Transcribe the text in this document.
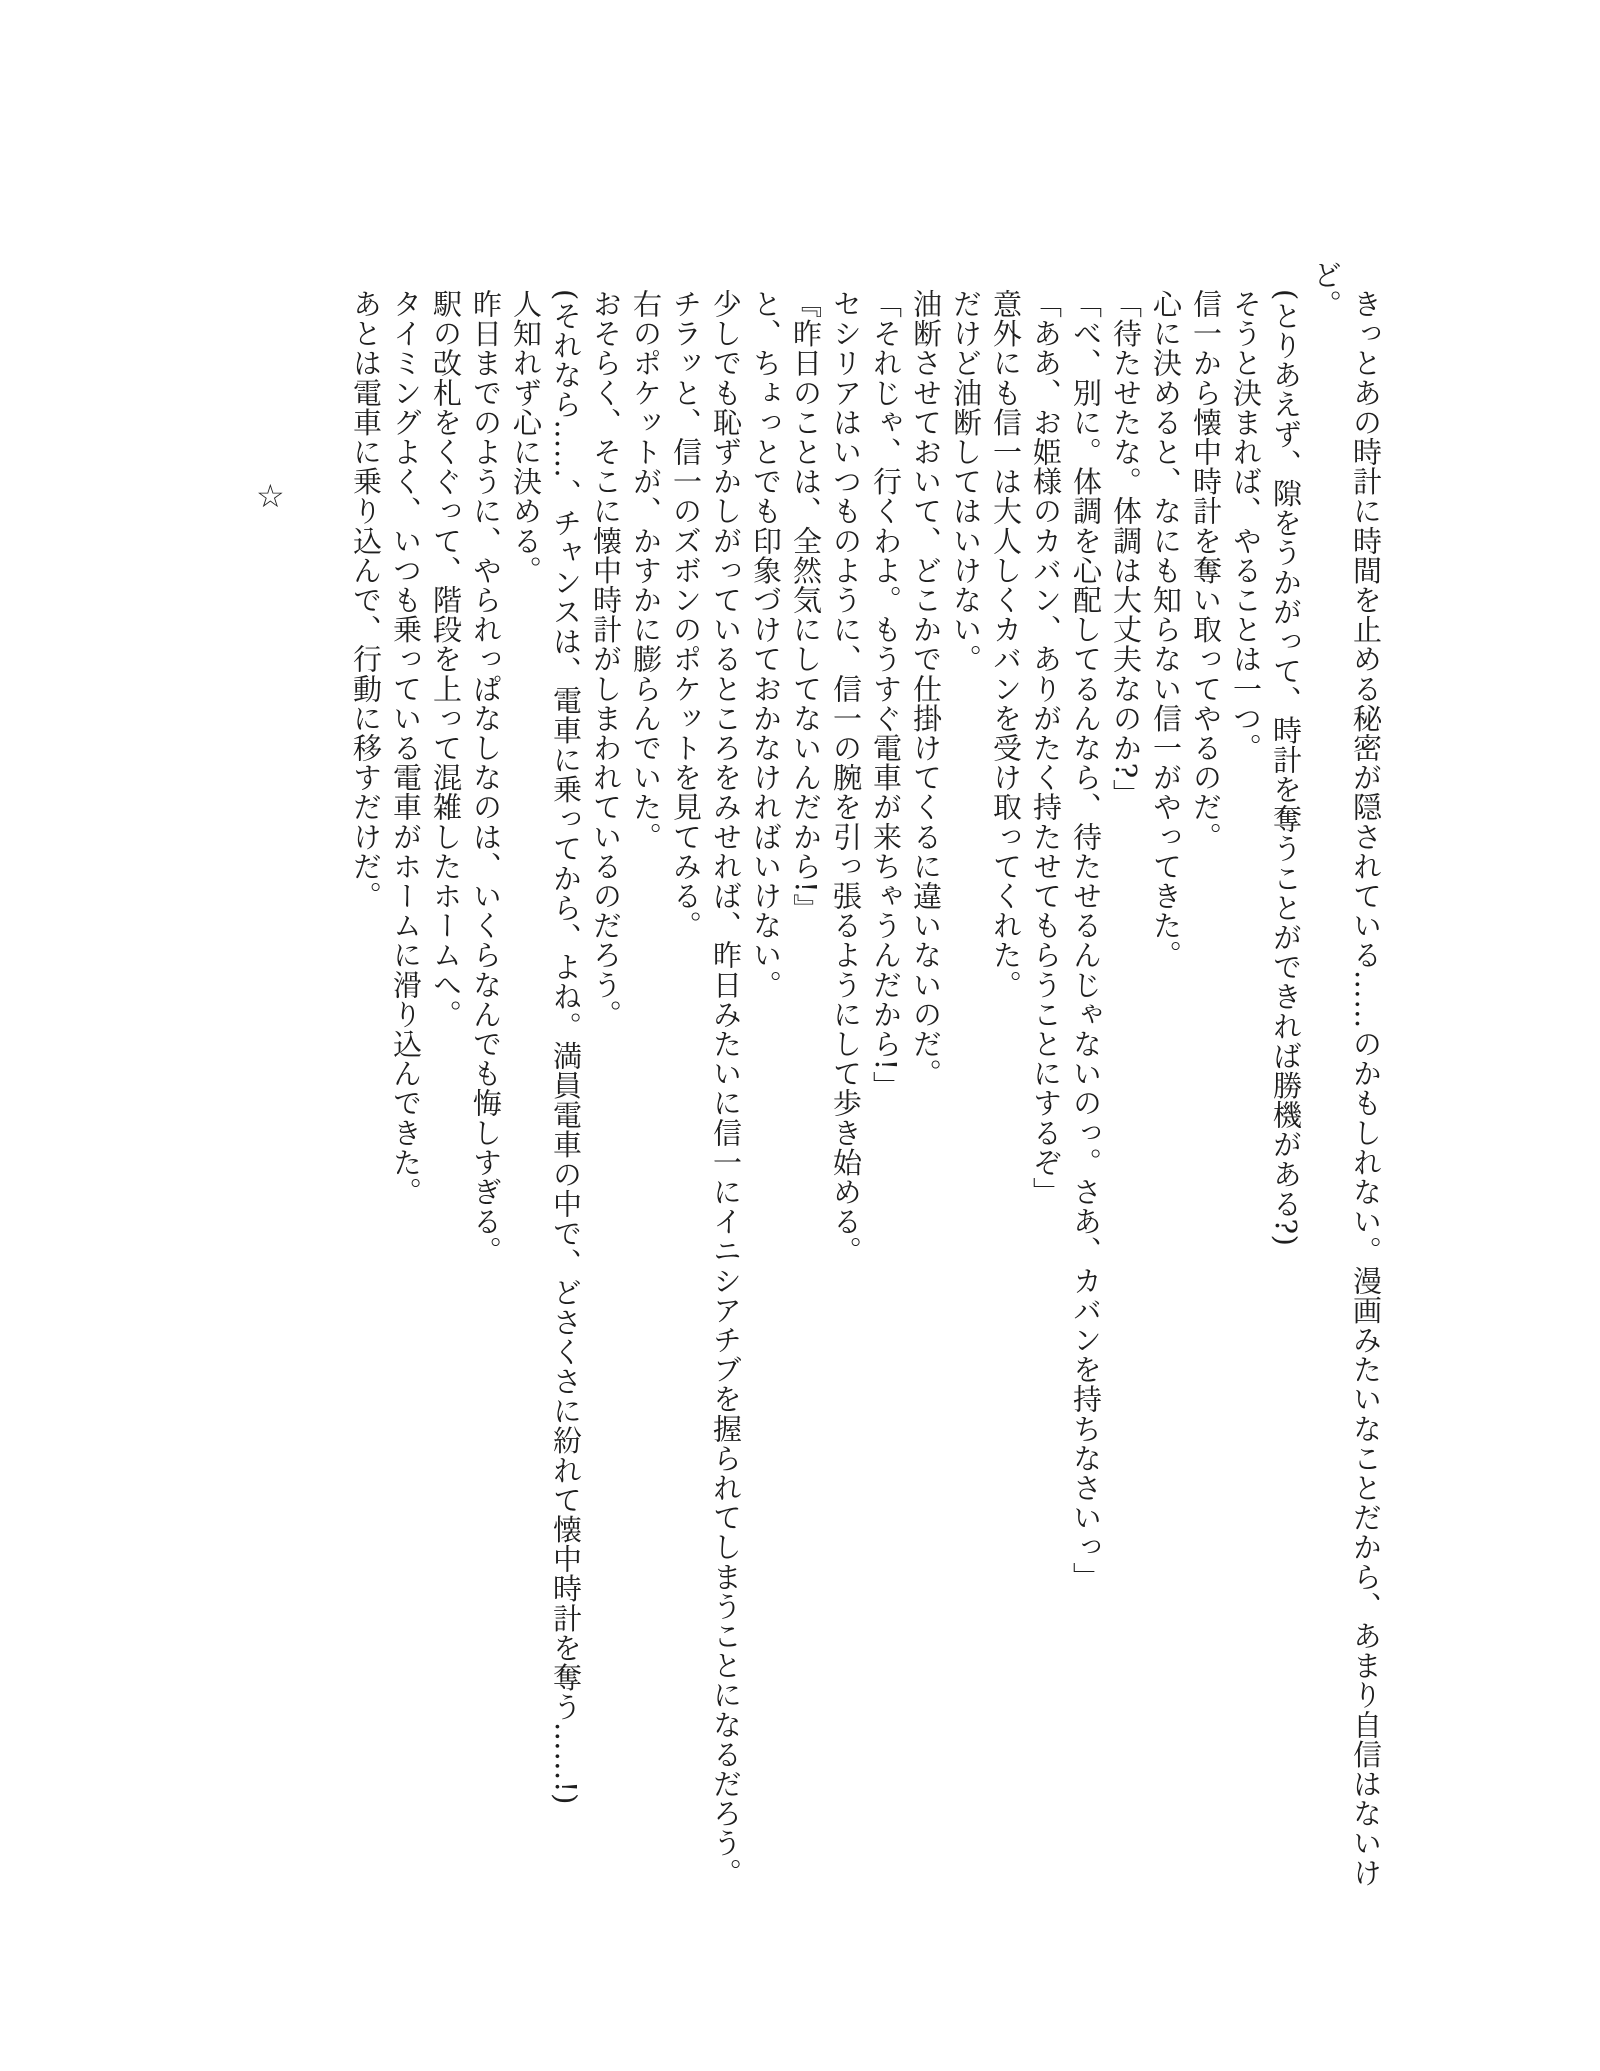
きっとあの時計に時間を止める秘密が隠されている……のかもしれない。漫画みたいなことだから、あまり自信はないけど。

(とりあえず、隙をうかがって、時計を奪うことができれば勝機がある?)

そうと決まれば、やることは一つ。

信一から懐中時計を奪い取ってやるのだ。

心に決めると、なにも知らない信一がやってきた。

「待たせたな。体調は大丈夫なのか?」

「べ、別に。体調を心配してるんなら、待たせるんじゃないのっ。さあ、カバンを持ちなさいっ」

「ああ、お姫様のカバン、ありがたく持たせてもらうことにするぞ」

意外にも信一は大人しくカバンを受け取ってくれた。

だけど油断してはいけない。

油断させておいて、どこかで仕掛けてくるに違いないのだ。

「それじゃ、行くわよ。もうすぐ電車が来ちゃうんだから!」

セシリアはいつものように、信一の腕を引っ張るようにして歩き始める。

『昨日のことは、全然気にしてないんだから!』

と、ちょっとでも印象づけておかなければいけない。

少しでも恥ずかしがっているところをみせれば、昨日みたいに信一にイニシアチブを握られてしまうことになるだろう。

チラッと、信一のズボンのポケットを見てみる。

右のポケットが、かすかに膨らんでいた。

おそらく、そこに懐中時計がしまわれているのだろう。

(それなら……、チャンスは、電車に乗ってから、よね。満員電車の中で、どさくさに紛れて懐中時計を奪う……!)

人知れず心に決める。

昨日までのように、やられっぱなしなのは、いくらなんでも悔しすぎる。

駅の改札をくぐって、階段を上って混雑したホームへ。

タイミングよく、いつも乗っている電車がホームに滑り込んできた。

あとは電車に乗り込んで、行動に移すだけだ。

☆
